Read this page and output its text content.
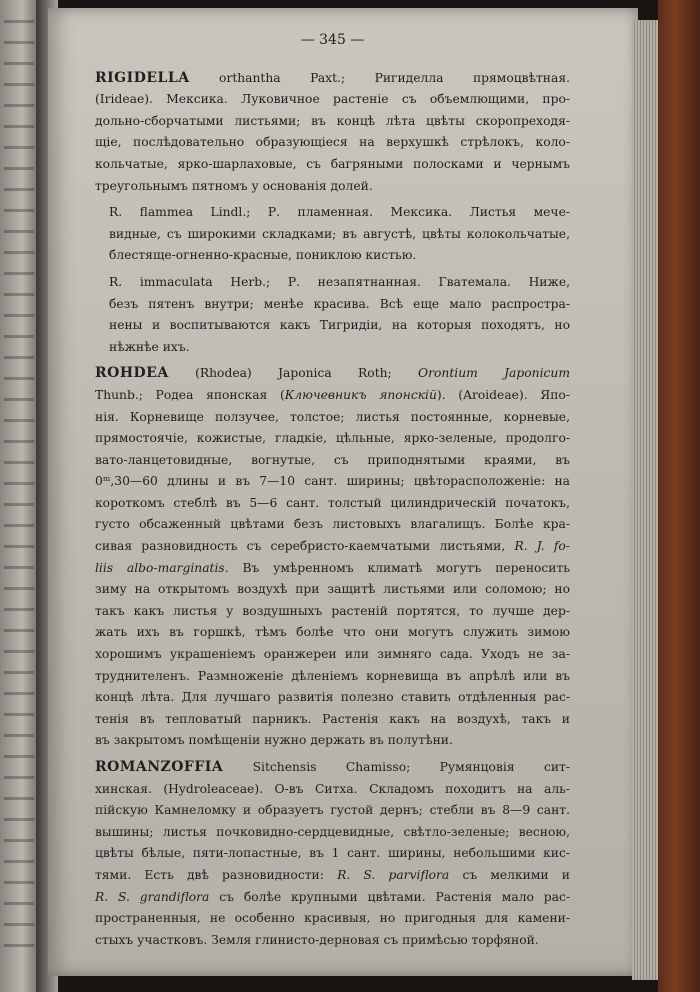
— 345 —
RIGIDELLA orthantha Paxt.; Ригиделла прямоцвѣтная.
(Irideae). Мексика. Луковичное растеніе съ объемлющими, про-
дольно-сборчатыми листьями; въ концѣ лѣта цвѣты скоропреходя-
щіе, послѣдовательно образующіеся на верхушкѣ стрѣлокъ, коло-
кольчатые, ярко-шарлаховые, съ багряными полосками и чернымъ
треугольнымъ пятномъ у основанія долей.
R. flammea Lindl.; Р. пламенная. Мексика. Листья мече-
видные, съ широкими складками; въ августѣ, цвѣты колокольчатые,
блестяще-огненно-красные, пониклою кистью.
R. immaculata Herb.; Р. незапятнанная. Гватемала. Ниже,
безъ пятенъ внутри; менѣе красива. Всѣ еще мало распростра-
нены и воспитываются какъ Тигридіи, на которыя походятъ, но
нѣжнѣе ихъ.
ROHDEA (Rhodea) Japonica Roth; Orontium Japonicum
Thunb.; Родеа японская (Ключевникъ японскій). (Aroideae). Япо-
нія. Корневище ползучее, толстое; листья постоянные, корневые,
прямостоячіе, кожистые, гладкіе, цѣльные, ярко-зеленые, продолго-
вато-ланцетовидные, вогнутые, съ приподнятыми краями, въ
0ᵐ,30—60 длины и въ 7—10 сант. ширины; цвѣторасположеніе: на
короткомъ стеблѣ въ 5—6 сант. толстый цилиндрическій початокъ,
густо обсаженный цвѣтами безъ листовыхъ влагалищъ. Болѣе кра-
сивая разновидность съ серебристо-каемчатыми листьями, R. J. fo-
liis albo-marginatis. Въ умѣренномъ климатѣ могутъ переносить
зиму на открытомъ воздухѣ при защитѣ листьями или соломою; но
такъ какъ листья у воздушныхъ растеній портятся, то лучше дер-
жать ихъ въ горшкѣ, тѣмъ болѣе что они могутъ служить зимою
хорошимъ украшеніемъ оранжереи или зимняго сада. Уходъ не за-
труднителенъ. Размноженіе дѣленіемъ корневища въ апрѣлѣ или въ
концѣ лѣта. Для лучшаго развитія полезно ставить отдѣленныя рас-
тенія въ тепловатый парникъ. Растенія какъ на воздухѣ, такъ и
въ закрытомъ помѣщеніи нужно держать въ полутѣни.
ROMANZOFFIA Sitchensis Chamisso; Румянцовія сит-
хинская. (Hydroleaceae). О-въ Ситха. Складомъ походитъ на аль-
пійскую Камнеломку и образуетъ густой дернъ; стебли въ 8—9 сант.
вышины; листья почковидно-сердцевидные, свѣтло-зеленые; весною,
цвѣты бѣлые, пяти-лопастные, въ 1 сант. ширины, небольшими кис-
тями. Есть двѣ разновидности: R. S. parviflora съ мелкими и
R. S. grandiflora съ болѣе крупными цвѣтами. Растенія мало рас-
пространенныя, не особенно красивыя, но пригодныя для камени-
стыхъ участковъ. Земля глинисто-дерновая съ примѣсью торфяной.
